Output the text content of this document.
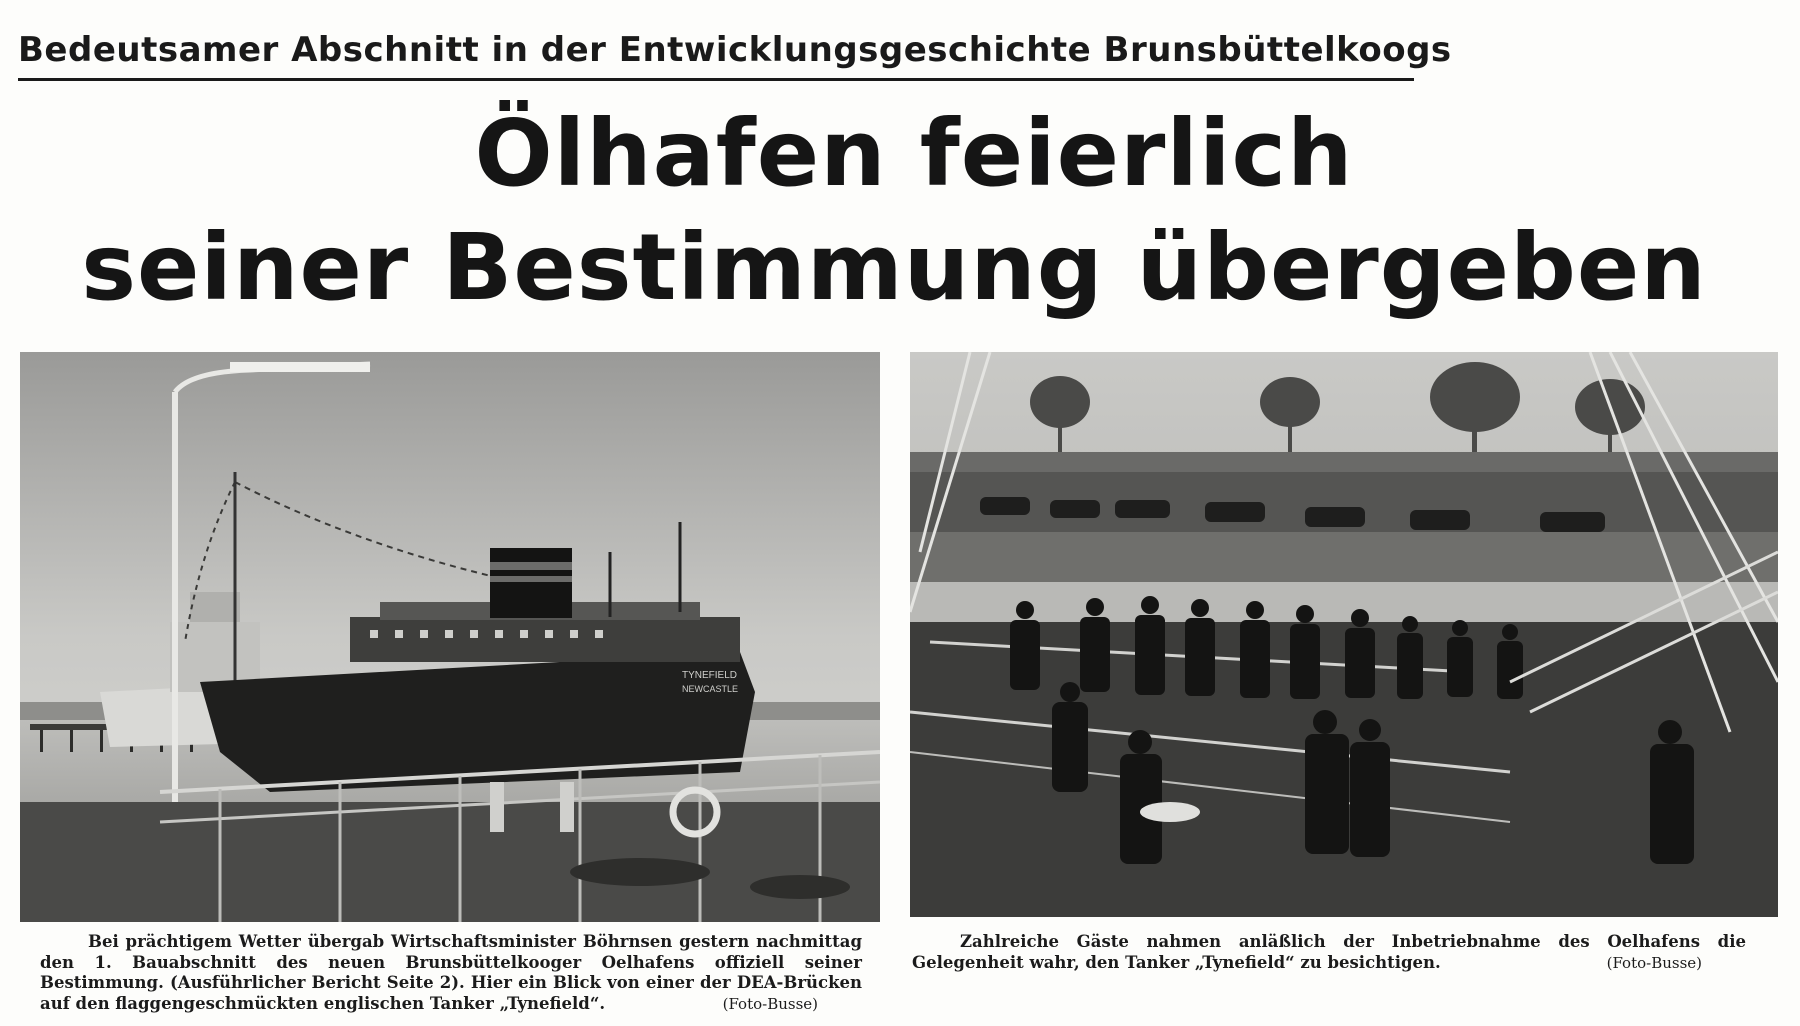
Bedeutsamer Abschnitt in der Entwicklungsgeschichte Brunsbüttelkoogs
Ölhafen feierlich
seiner Bestimmung übergeben
TYNEFIELD
NEWCASTLE
Bei prächtigem Wetter übergab Wirtschaftsminister Böhrnsen gestern nachmittag den 1. Bauabschnitt des neuen Brunsbüttelkooger Oelhafens offiziell seiner Bestimmung. (Ausführlicher Bericht Seite 2). Hier ein Blick von einer der DEA-Brücken auf den flaggengeschmückten englischen Tanker „Tynefield“.	(Foto-Busse)
Zahlreiche Gäste nahmen anläßlich der Inbetriebnahme des Oelhafens die Gelegenheit wahr, den Tanker „Tynefield“ zu besichtigen.	(Foto-Busse)
